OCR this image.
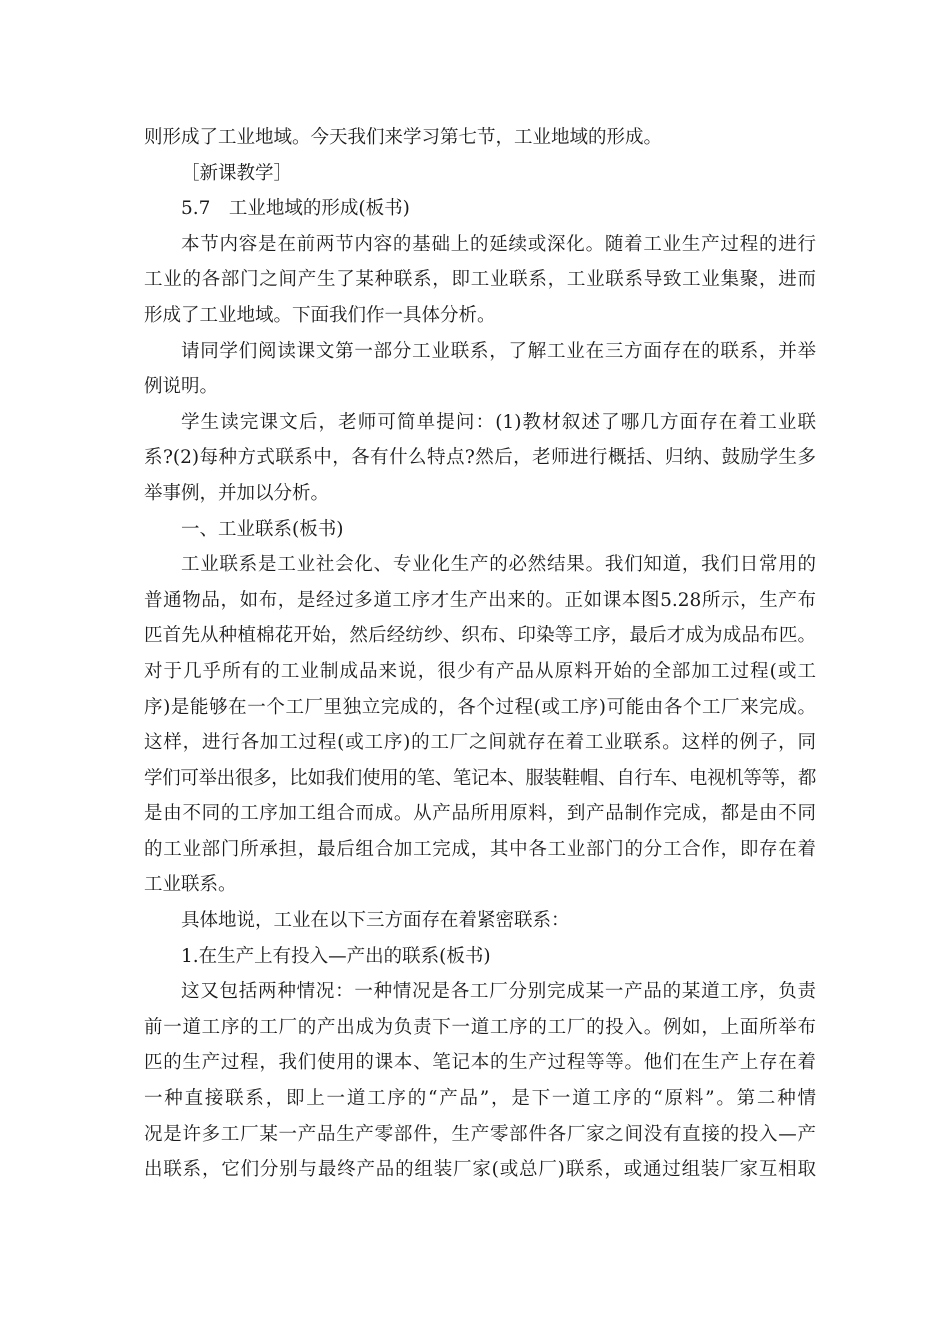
则形成了工业地域。今天我们来学习第七节，工业地域的形成。
［新课教学］
5.7　工业地域的形成(板书)
本节内容是在前两节内容的基础上的延续或深化。随着工业生产过程的进行
工业的各部门之间产生了某种联系，即工业联系，工业联系导致工业集聚，进而
形成了工业地域。下面我们作一具体分析。
请同学们阅读课文第一部分工业联系，了解工业在三方面存在的联系，并举
例说明。
学生读完课文后，老师可简单提问：(1)教材叙述了哪几方面存在着工业联
系?(2)每种方式联系中，各有什么特点?然后，老师进行概括、归纳、鼓励学生多
举事例，并加以分析。
一、工业联系(板书)
工业联系是工业社会化、专业化生产的必然结果。我们知道，我们日常用的
普通物品，如布，是经过多道工序才生产出来的。正如课本图5.28所示，生产布
匹首先从种植棉花开始，然后经纺纱、织布、印染等工序，最后才成为成品布匹。
对于几乎所有的工业制成品来说，很少有产品从原料开始的全部加工过程(或工
序)是能够在一个工厂里独立完成的，各个过程(或工序)可能由各个工厂来完成。
这样，进行各加工过程(或工序)的工厂之间就存在着工业联系。这样的例子，同
学们可举出很多，比如我们使用的笔、笔记本、服装鞋帽、自行车、电视机等等，都
是由不同的工序加工组合而成。从产品所用原料，到产品制作完成，都是由不同
的工业部门所承担，最后组合加工完成，其中各工业部门的分工合作，即存在着
工业联系。
具体地说，工业在以下三方面存在着紧密联系：
1.在生产上有投入—产出的联系(板书)
这又包括两种情况：一种情况是各工厂分别完成某一产品的某道工序，负责
前一道工序的工厂的产出成为负责下一道工序的工厂的投入。例如，上面所举布
匹的生产过程，我们使用的课本、笔记本的生产过程等等。他们在生产上存在着
一种直接联系，即上一道工序的“产品”，是下一道工序的“原料”。第二种情
况是许多工厂某一产品生产零部件，生产零部件各厂家之间没有直接的投入—产
出联系，它们分别与最终产品的组装厂家(或总厂)联系，或通过组装厂家互相取
